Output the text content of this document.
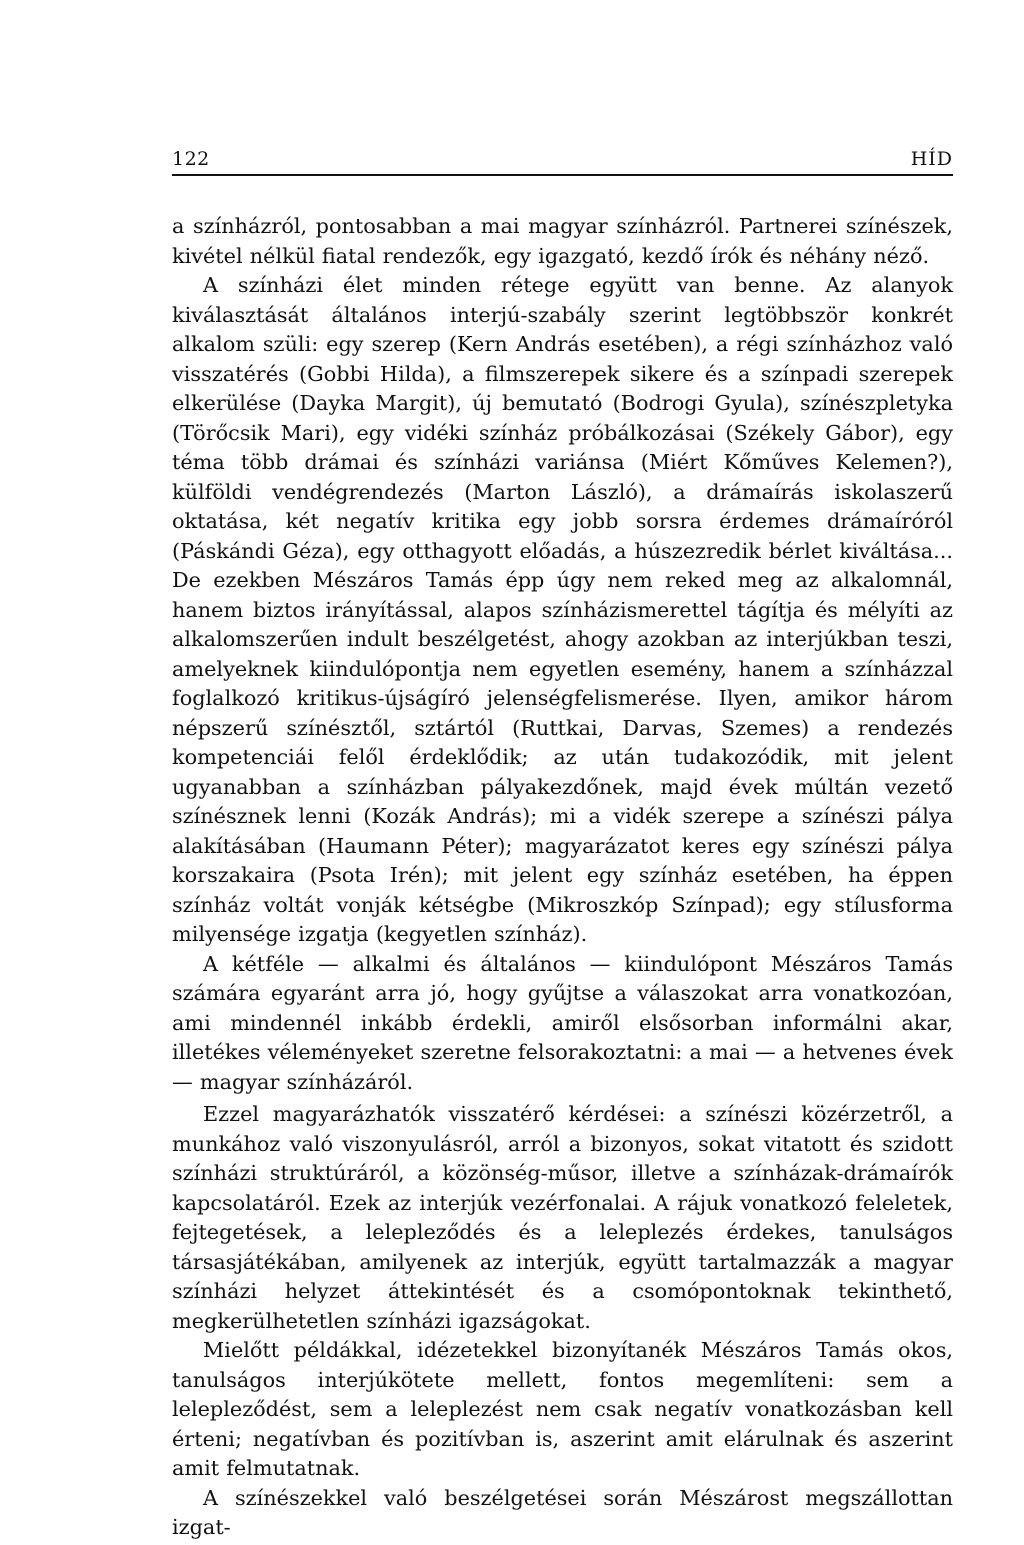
122	HÍD

a színházról, pontosabban a mai magyar színházról. Partnerei színészek, kivétel nélkül fiatal rendezők, egy igazgató, kezdő írók és néhány néző.

A színházi élet minden rétege együtt van benne. Az alanyok kiválasztását általános interjú-szabály szerint legtöbbször konkrét alkalom szüli: egy szerep (Kern András esetében), a régi színházhoz való visszatérés (Gobbi Hilda), a filmszerepek sikere és a színpadi szerepek elkerülése (Dayka Margit), új bemutató (Bodrogi Gyula), színészpletyka (Törőcsik Mari), egy vidéki színház próbálkozásai (Székely Gábor), egy téma több drámai és színházi variánsa (Miért Kőműves Kelemen?), külföldi vendégrendezés (Marton László), a drámaírás iskolaszerű oktatása, két negatív kritika egy jobb sorsra érdemes drámaíróról (Páskándi Géza), egy otthagyott előadás, a húszezredik bérlet kiváltása... De ezekben Mészáros Tamás épp úgy nem reked meg az alkalomnál, hanem biztos irányítással, alapos színházismerettel tágítja és mélyíti az alkalomszerűen indult beszélgetést, ahogy azokban az interjúkban teszi, amelyeknek kiindulópontja nem egyetlen esemény, hanem a színházzal foglalkozó kritikus-újságíró jelenségfelismerése. Ilyen, amikor három népszerű színésztől, sztártól (Ruttkai, Darvas, Szemes) a rendezés kompetenciái felől érdeklődik; az után tudakozódik, mit jelent ugyanabban a színházban pályakezdőnek, majd évek múltán vezető színésznek lenni (Kozák András); mi a vidék szerepe a színészi pálya alakításában (Haumann Péter); magyarázatot keres egy színészi pálya korszakaira (Psota Irén); mit jelent egy színház esetében, ha éppen színház voltát vonják kétségbe (Mikroszkóp Színpad); egy stílusforma milyensége izgatja (kegyetlen színház).

A kétféle — alkalmi és általános — kiindulópont Mészáros Tamás számára egyaránt arra jó, hogy gyűjtse a válaszokat arra vonatkozóan, ami mindennél inkább érdekli, amiről elsősorban informálni akar, illetékes véleményeket szeretne felsorakoztatni: a mai — a hetvenes évek — magyar színházáról.

Ezzel magyarázhatók visszatérő kérdései: a színészi közérzetről, a munkához való viszonyulásról, arról a bizonyos, sokat vitatott és szidott színházi struktúráról, a közönség-műsor, illetve a színházak-drámaírók kapcsolatáról. Ezek az interjúk vezérfonalai. A rájuk vonatkozó feleletek, fejtegetések, a lelepleződés és a leleplezés érdekes, tanulságos társasjátékában, amilyenek az interjúk, együtt tartalmazzák a magyar színházi helyzet áttekintését és a csomópontoknak tekinthető, megkerülhetetlen színházi igazságokat.

Mielőtt példákkal, idézetekkel bizonyítanék Mészáros Tamás okos, tanulságos interjúkötete mellett, fontos megemlíteni: sem a lelepleződést, sem a leleplezést nem csak negatív vonatkozásban kell érteni; negatívban és pozitívban is, aszerint amit elárulnak és aszerint amit felmutatnak.

A színészekkel való beszélgetései során Mészárost megszállottan izgat-
